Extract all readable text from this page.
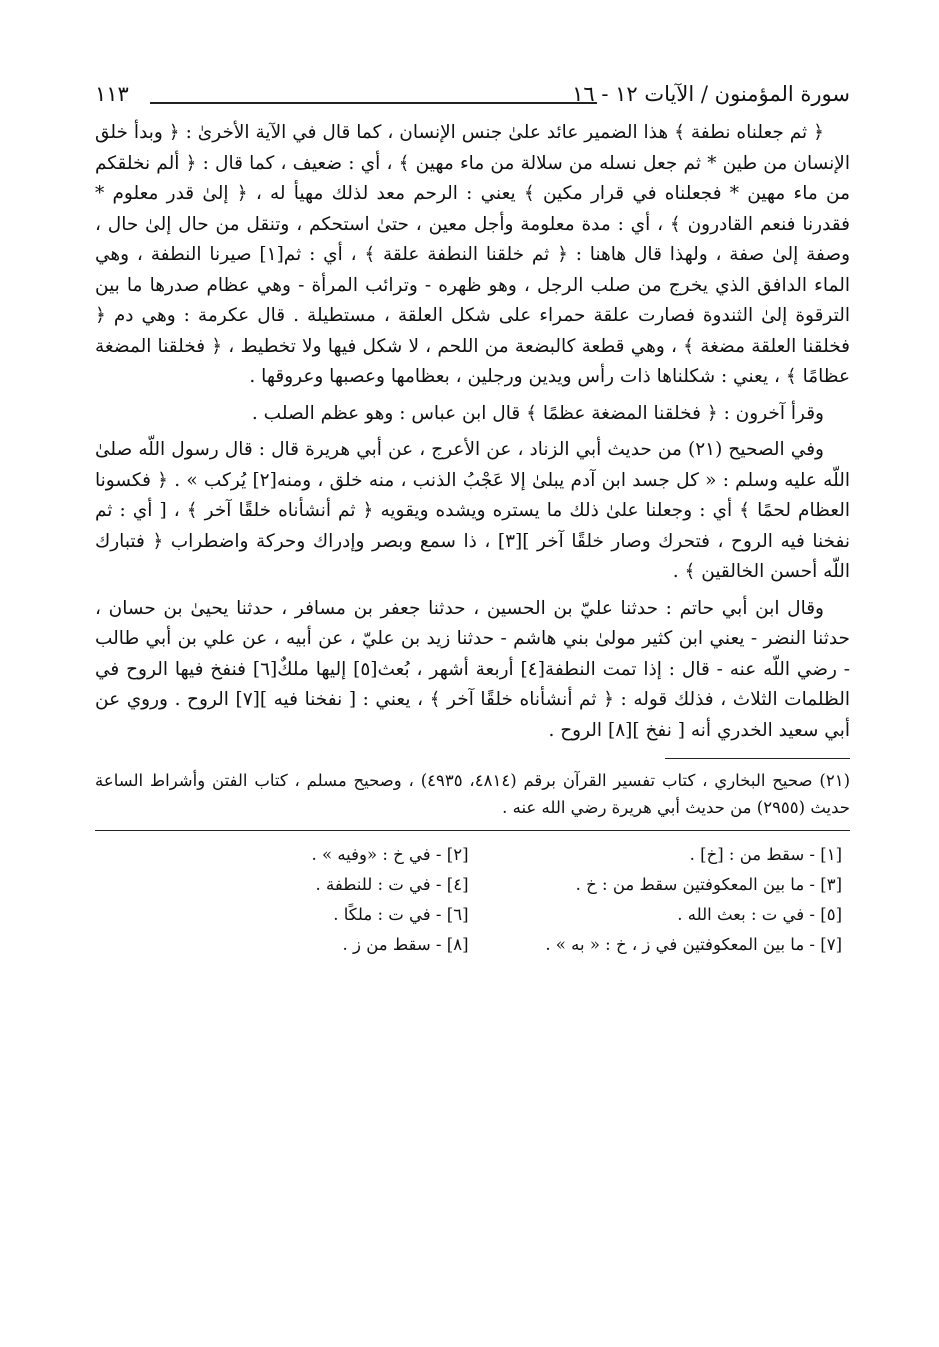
سورة المؤمنون / الآيات ١٢ - ١٦
١١٣

﴿ ثم جعلناه نطفة ﴾ هذا الضمير عائد علىٰ جنس الإنسان ، كما قال في الآية الأخرىٰ : ﴿ وبدأ خلق الإنسان من طين * ثم جعل نسله من سلالة من ماء مهين ﴾ ، أي : ضعيف ، كما قال : ﴿ ألم نخلقكم من ماء مهين * فجعلناه في قرار مكين ﴾ يعني : الرحم معد لذلك مهيأ له ، ﴿ إلىٰ قدر معلوم * فقدرنا فنعم القادرون ﴾ ، أي : مدة معلومة وأجل معين ، حتىٰ استحكم ، وتنقل من حال إلىٰ حال ، وصفة إلىٰ صفة ، ولهذا قال هاهنا : ﴿ ثم خلقنا النطفة علقة ﴾ ، أي : ثم[١] صيرنا النطفة ، وهي الماء الدافق الذي يخرج من صلب الرجل ، وهو ظهره - وترائب المرأة - وهي عظام صدرها ما بين الترقوة إلىٰ الثندوة فصارت علقة حمراء على شكل العلقة ، مستطيلة . قال عكرمة : وهي دم ﴿ فخلقنا العلقة مضغة ﴾ ، وهي قطعة كالبضعة من اللحم ، لا شكل فيها ولا تخطيط ، ﴿ فخلقنا المضغة عظامًا ﴾ ، يعني : شكلناها ذات رأس ويدين ورجلين ، بعظامها وعصبها وعروقها .

وقرأ آخرون : ﴿ فخلقنا المضغة عظمًا ﴾ قال ابن عباس : وهو عظم الصلب .

وفي الصحيح (٢١) من حديث أبي الزناد ، عن الأعرج ، عن أبي هريرة قال : قال رسول اللّه صلىٰ اللّه عليه وسلم : « كل جسد ابن آدم يبلىٰ إلا عَجْبُ الذنب ، منه خلق ، ومنه[٢] يُركب » . ﴿ فكسونا العظام لحمًا ﴾ أي : وجعلنا علىٰ ذلك ما يستره ويشده ويقويه ﴿ ثم أنشأناه خلقًا آخر ﴾ ، [ أي : ثم نفخنا فيه الروح ، فتحرك وصار خلقًا آخر ][٣] ، ذا سمع وبصر وإدراك وحركة واضطراب ﴿ فتبارك اللّه أحسن الخالقين ﴾ .

وقال ابن أبي حاتم : حدثنا عليّ بن الحسين ، حدثنا جعفر بن مسافر ، حدثنا يحيىٰ بن حسان ، حدثنا النضر - يعني ابن كثير مولىٰ بني هاشم - حدثنا زيد بن عليّ ، عن أبيه ، عن علي بن أبي طالب - رضي اللّه عنه - قال : إذا تمت النطفة[٤] أربعة أشهر ، بُعث[٥] إليها ملكٌ[٦] فنفخ فيها الروح في الظلمات الثلاث ، فذلك قوله : ﴿ ثم أنشأناه خلقًا آخر ﴾ ، يعني : [ نفخنا فيه ][٧] الروح . وروي عن أبي سعيد الخدري أنه [ نفخ ][٨] الروح .

(٢١) صحيح البخاري ، كتاب تفسير القرآن برقم (٤٨١٤، ٤٩٣٥) ، وصحيح مسلم ، كتاب الفتن وأشراط الساعة حديث (٢٩٥٥) من حديث أبي هريرة رضي الله عنه .

[١] - سقط من : [خ] .
[٢] - في خ : «وفيه » .
[٣] - ما بين المعكوفتين سقط من : خ .
[٤] - في ت : للنطفة .
[٥] - في ت : بعث الله .
[٦] - في ت : ملكًا .
[٧] - ما بين المعكوفتين في ز ، خ : « به » .
[٨] - سقط من ز .
